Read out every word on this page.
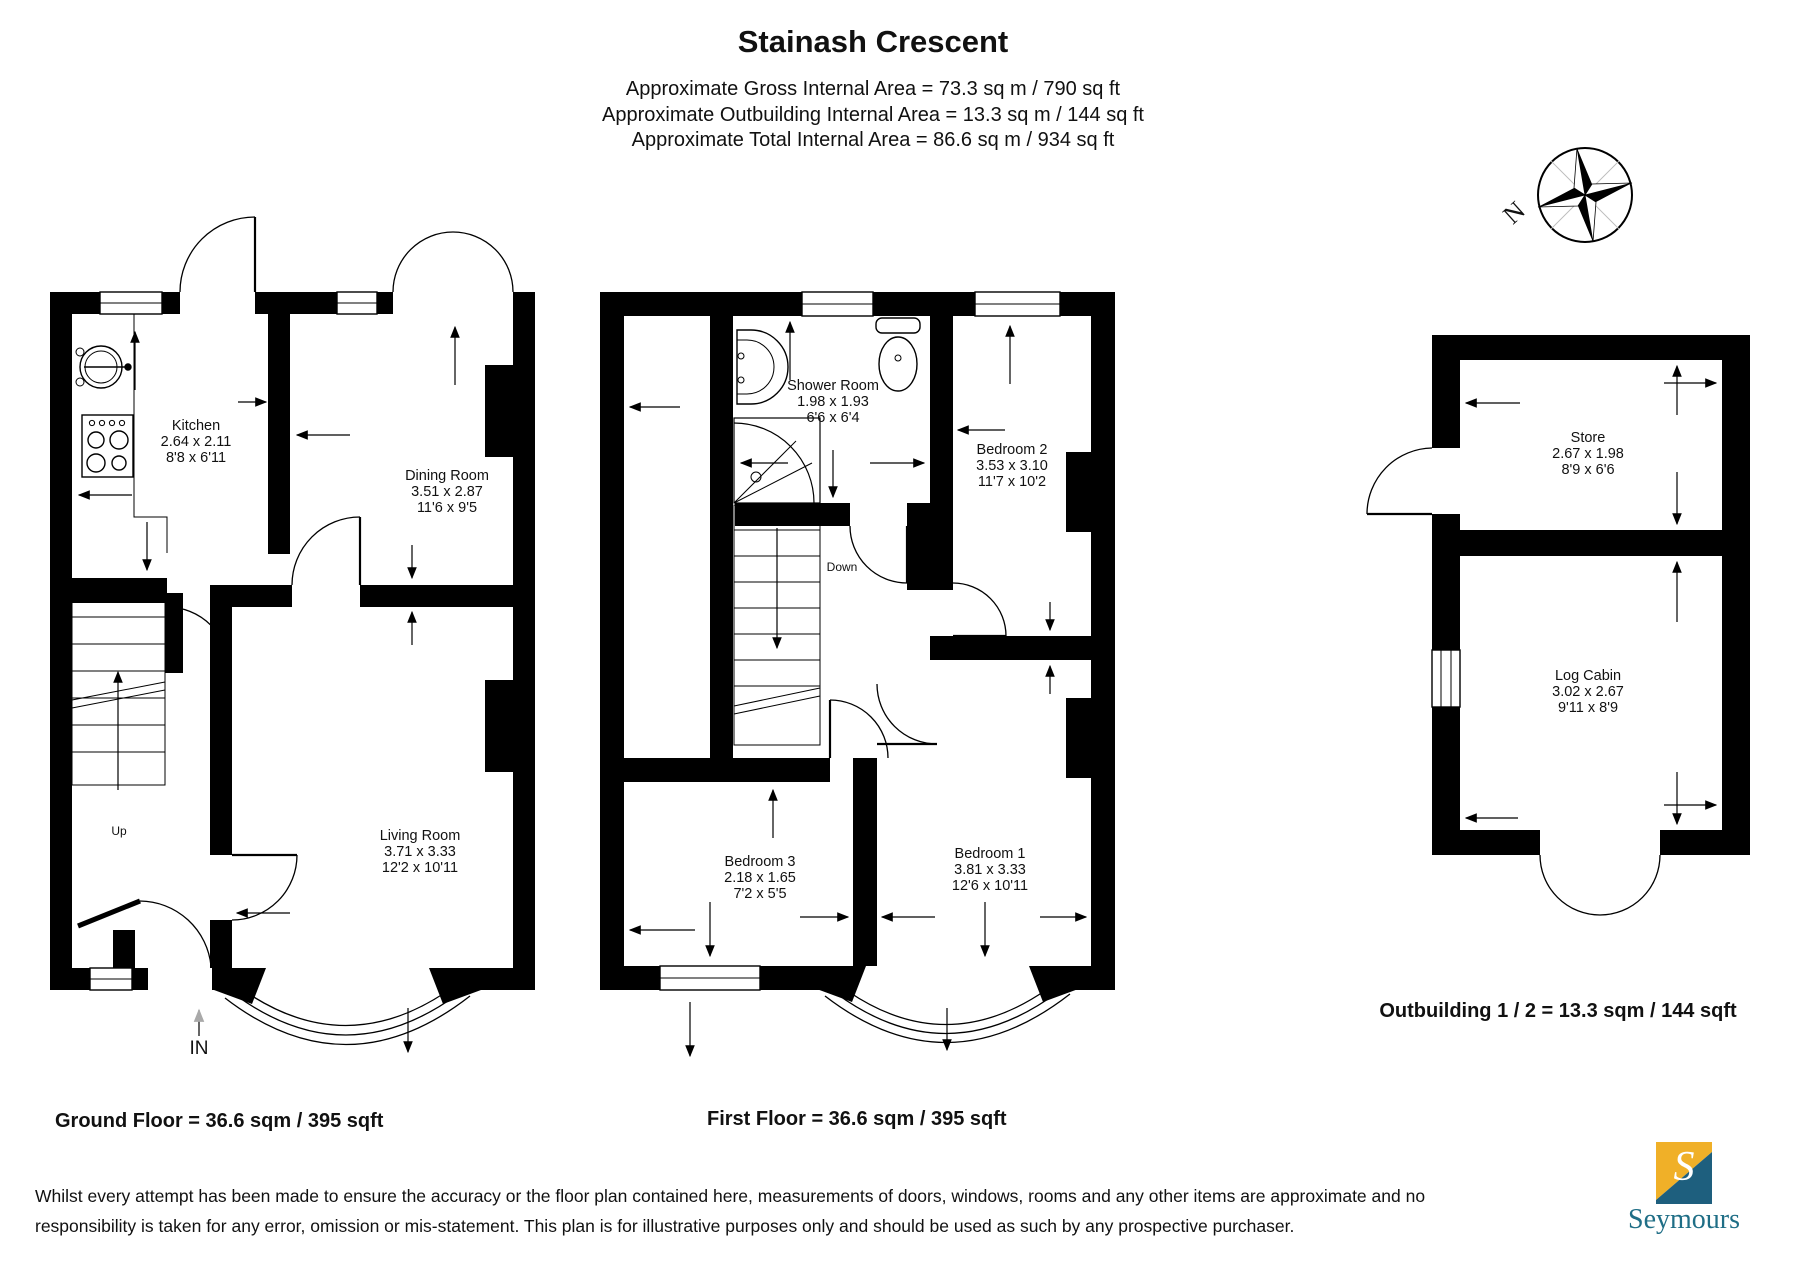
Stainash Crescent
Approximate Gross Internal Area = 73.3 sq m / 790 sq ft
Approximate Outbuilding Internal Area = 13.3 sq m / 144 sq ft
Approximate Total Internal Area = 86.6 sq m / 934 sq ft
N
Kitchen
2.64 x 2.11
8'8 x 6'11
Dining Room
3.51 x 2.87
11'6 x 9'5
Living Room
3.71 x 3.33
12'2 x 10'11
Shower Room
1.98 x 1.93
6'6 x 6'4
Bedroom 2
3.53 x 3.10
11'7 x 10'2
Bedroom 3
2.18 x 1.65
7'2 x 5'5
Bedroom 1
3.81 x 3.33
12'6 x 10'11
Store
2.67 x 1.98
8'9 x 6'6
Log Cabin
3.02 x 2.67
9'11 x 8'9
Up
Down
IN
Ground Floor = 36.6 sqm / 395 sqft	First Floor = 36.6 sqm / 395 sqft
Outbuilding 1 / 2 = 13.3 sqm / 144 sqft
Whilst every attempt has been made to ensure the accuracy or the floor plan contained here, measurements of doors, windows, rooms and any other items are approximate and no
responsibility is taken for any error, omission or mis-statement. This plan is for illustrative purposes only and should be used as such by any prospective purchaser.
S
Seymours
